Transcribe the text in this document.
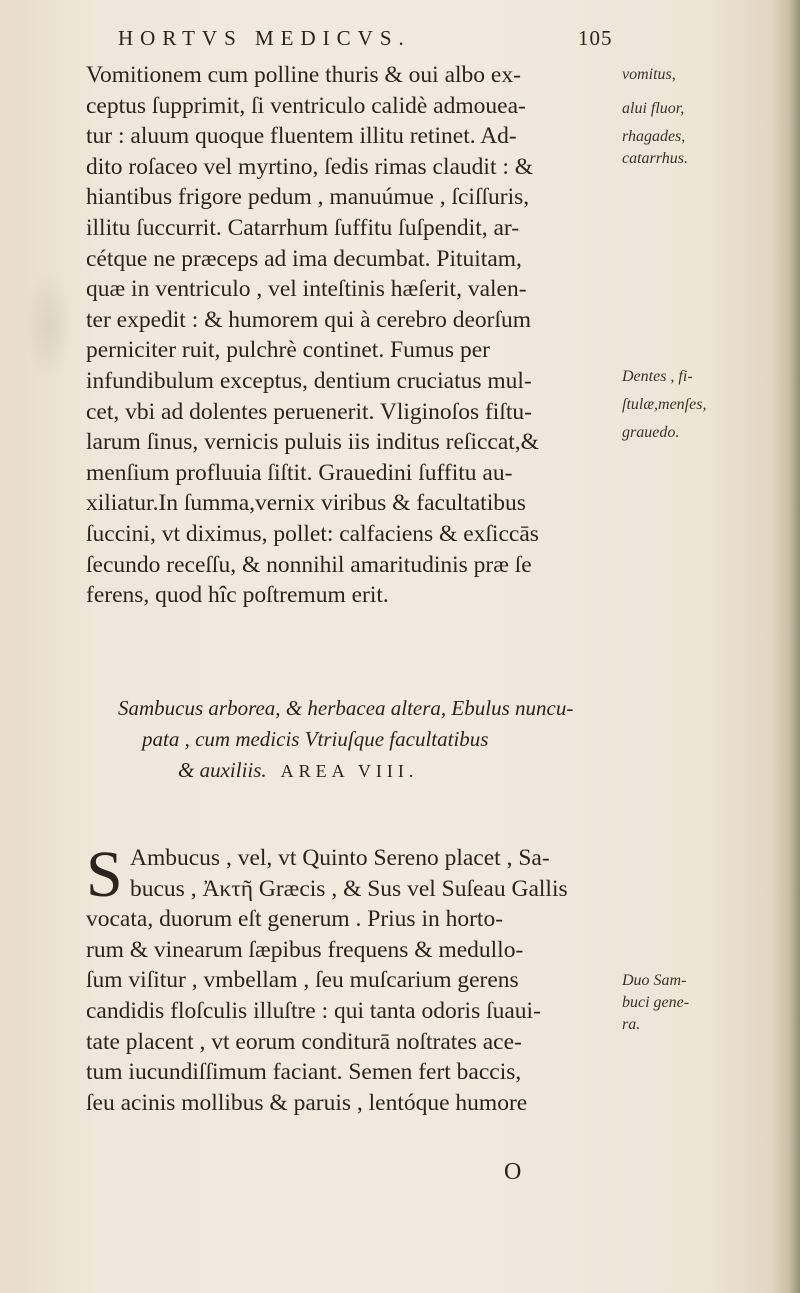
HORTVS MEDICVS.	105
Vomitionem cum polline thuris & oui albo ex-
ceptus ſupprimit, ſi ventriculo calidè admouea-
tur : aluum quoque fluentem illitu retinet. Ad-
dito roſaceo vel myrtino, ſedis rimas claudit : &
hiantibus frigore pedum , manuúmue , ſciſſuris,
illitu ſuccurrit. Catarrhum ſuffitu ſuſpendit, ar-
cétque ne præceps ad ima decumbat. Pituitam,
quæ in ventriculo , vel inteſtinis hæſerit, valen-
ter expedit : & humorem qui à cerebro deorſum
perniciter ruit, pulchrè continet. Fumus per
infundibulum exceptus, dentium cruciatus mul-
cet, vbi ad dolentes peruenerit. Vliginoſos fiſtu-
larum ſinus, vernicis puluis iis inditus reſiccat,&
menſium profluuia ſiſtit. Grauedini ſuffitu au-
xiliatur.In ſumma,vernix viribus & facultatibus
ſuccini, vt diximus, pollet: calfaciens & exſiccās
ſecundo receſſu, & nonnihil amaritudinis præ ſe
ferens, quod hîc poſtremum erit.
vomitus,
alui fluor,
rhagades,
catarrhus.
Dentes , fi-
ſtulæ,menſes,
grauedo.
Duo Sam-
buci gene-
ra.
Sambucus arborea, & herbacea altera, Ebulus nuncu-
pata , cum medicis Vtriuſque facultatibus
& auxiliis. AREA VIII.
S Ambucus , vel, vt Quinto Sereno placet , Sa-
bucus , Ἀκτῆ Græcis , & Sus vel Suſeau Gallis
vocata, duorum eſt generum . Prius in horto-
rum & vinearum ſæpibus frequens & medullo-
ſum viſitur , vmbellam , ſeu muſcarium gerens
candidis floſculis illuſtre : qui tanta odoris ſuaui-
tate placent , vt eorum conditurā noſtrates ace-
tum iucundiſſimum faciant. Semen fert baccis,
ſeu acinis mollibus & paruis , lentóque humore
O
